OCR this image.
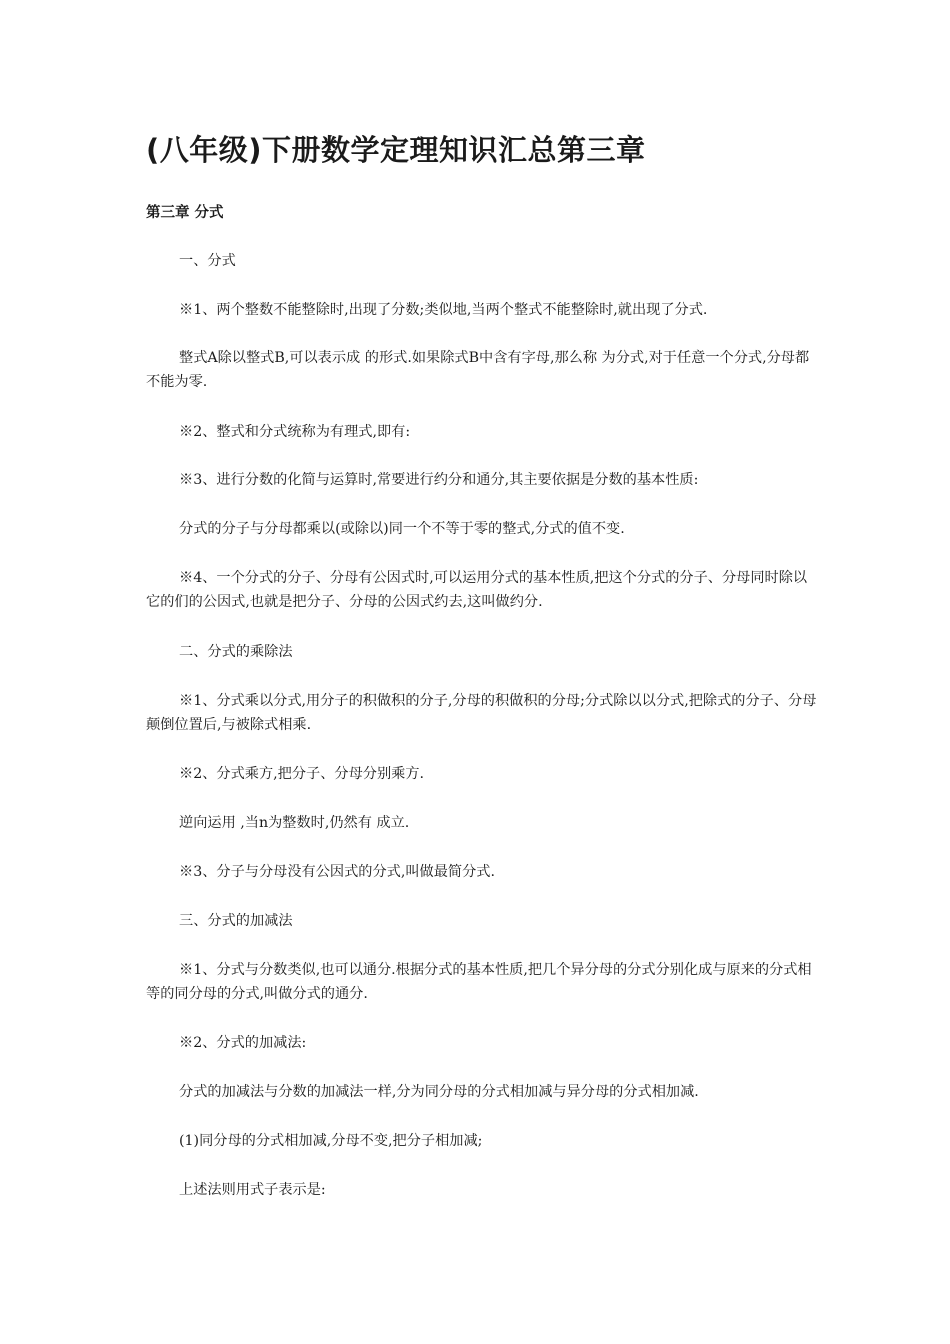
(八年级)下册数学定理知识汇总第三章
第三章 分式

一、分式

※1、两个整数不能整除时,出现了分数;类似地,当两个整式不能整除时,就出现了分式.

整式A除以整式B,可以表示成 的形式.如果除式B中含有字母,那么称 为分式,对于任意一个分式,分母都不能为零.

※2、整式和分式统称为有理式,即有:

※3、进行分数的化简与运算时,常要进行约分和通分,其主要依据是分数的基本性质:

分式的分子与分母都乘以(或除以)同一个不等于零的整式,分式的值不变.

※4、一个分式的分子、分母有公因式时,可以运用分式的基本性质,把这个分式的分子、分母同时除以它的们的公因式,也就是把分子、分母的公因式约去,这叫做约分.

二、分式的乘除法

※1、分式乘以分式,用分子的积做积的分子,分母的积做积的分母;分式除以以分式,把除式的分子、分母颠倒位置后,与被除式相乘.

※2、分式乘方,把分子、分母分别乘方.

逆向运用 ,当n为整数时,仍然有 成立.

※3、分子与分母没有公因式的分式,叫做最简分式.

三、分式的加减法

※1、分式与分数类似,也可以通分.根据分式的基本性质,把几个异分母的分式分别化成与原来的分式相等的同分母的分式,叫做分式的通分.

※2、分式的加减法:

分式的加减法与分数的加减法一样,分为同分母的分式相加减与异分母的分式相加减.

(1)同分母的分式相加减,分母不变,把分子相加减;

上述法则用式子表示是:
